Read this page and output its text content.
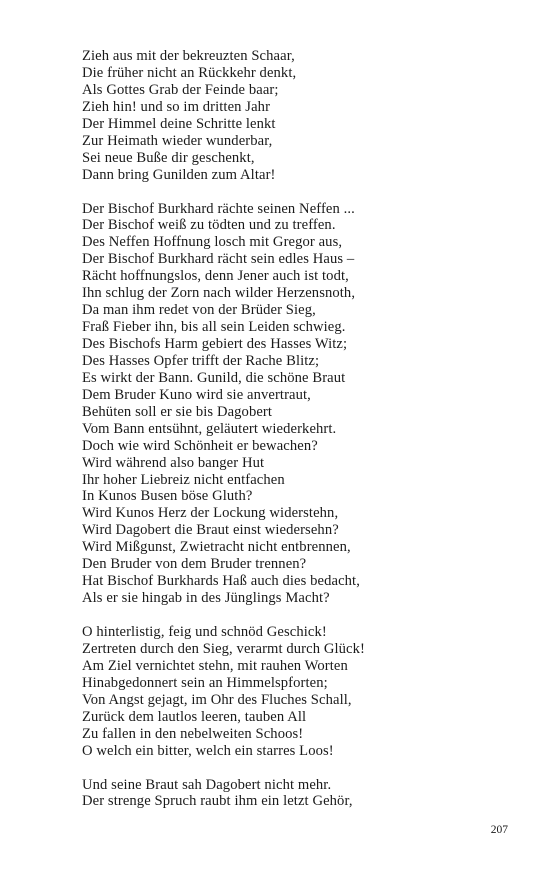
Zieh aus mit der bekreuzten Schaar,
Die früher nicht an Rückkehr denkt,
Als Gottes Grab der Feinde baar;
Zieh hin! und so im dritten Jahr
Der Himmel deine Schritte lenkt
Zur Heimath wieder wunderbar,
Sei neue Buße dir geschenkt,
Dann bring Gunilden zum Altar!
Der Bischof Burkhard rächte seinen Neffen ...
Der Bischof weiß zu tödten und zu treffen.
Des Neffen Hoffnung losch mit Gregor aus,
Der Bischof Burkhard rächt sein edles Haus –
Rächt hoffnungslos, denn Jener auch ist todt,
Ihn schlug der Zorn nach wilder Herzensnoth,
Da man ihm redet von der Brüder Sieg,
Fraß Fieber ihn, bis all sein Leiden schwieg.
Des Bischofs Harm gebiert des Hasses Witz;
Des Hasses Opfer trifft der Rache Blitz;
Es wirkt der Bann. Gunild, die schöne Braut
Dem Bruder Kuno wird sie anvertraut,
Behüten soll er sie bis Dagobert
Vom Bann entsühnt, geläutert wiederkehrt.
Doch wie wird Schönheit er bewachen?
Wird während also banger Hut
Ihr hoher Liebreiz nicht entfachen
In Kunos Busen böse Gluth?
Wird Kunos Herz der Lockung widerstehn,
Wird Dagobert die Braut einst wiedersehn?
Wird Mißgunst, Zwietracht nicht entbrennen,
Den Bruder von dem Bruder trennen?
Hat Bischof Burkhards Haß auch dies bedacht,
Als er sie hingab in des Jünglings Macht?
O hinterlistig, feig und schnöd Geschick!
Zertreten durch den Sieg, verarmt durch Glück!
Am Ziel vernichtet stehn, mit rauhen Worten
Hinabgedonnert sein an Himmelspforten;
Von Angst gejagt, im Ohr des Fluches Schall,
Zurück dem lautlos leeren, tauben All
Zu fallen in den nebelweiten Schoos!
O welch ein bitter, welch ein starres Loos!
Und seine Braut sah Dagobert nicht mehr.
Der strenge Spruch raubt ihm ein letzt Gehör,
207
